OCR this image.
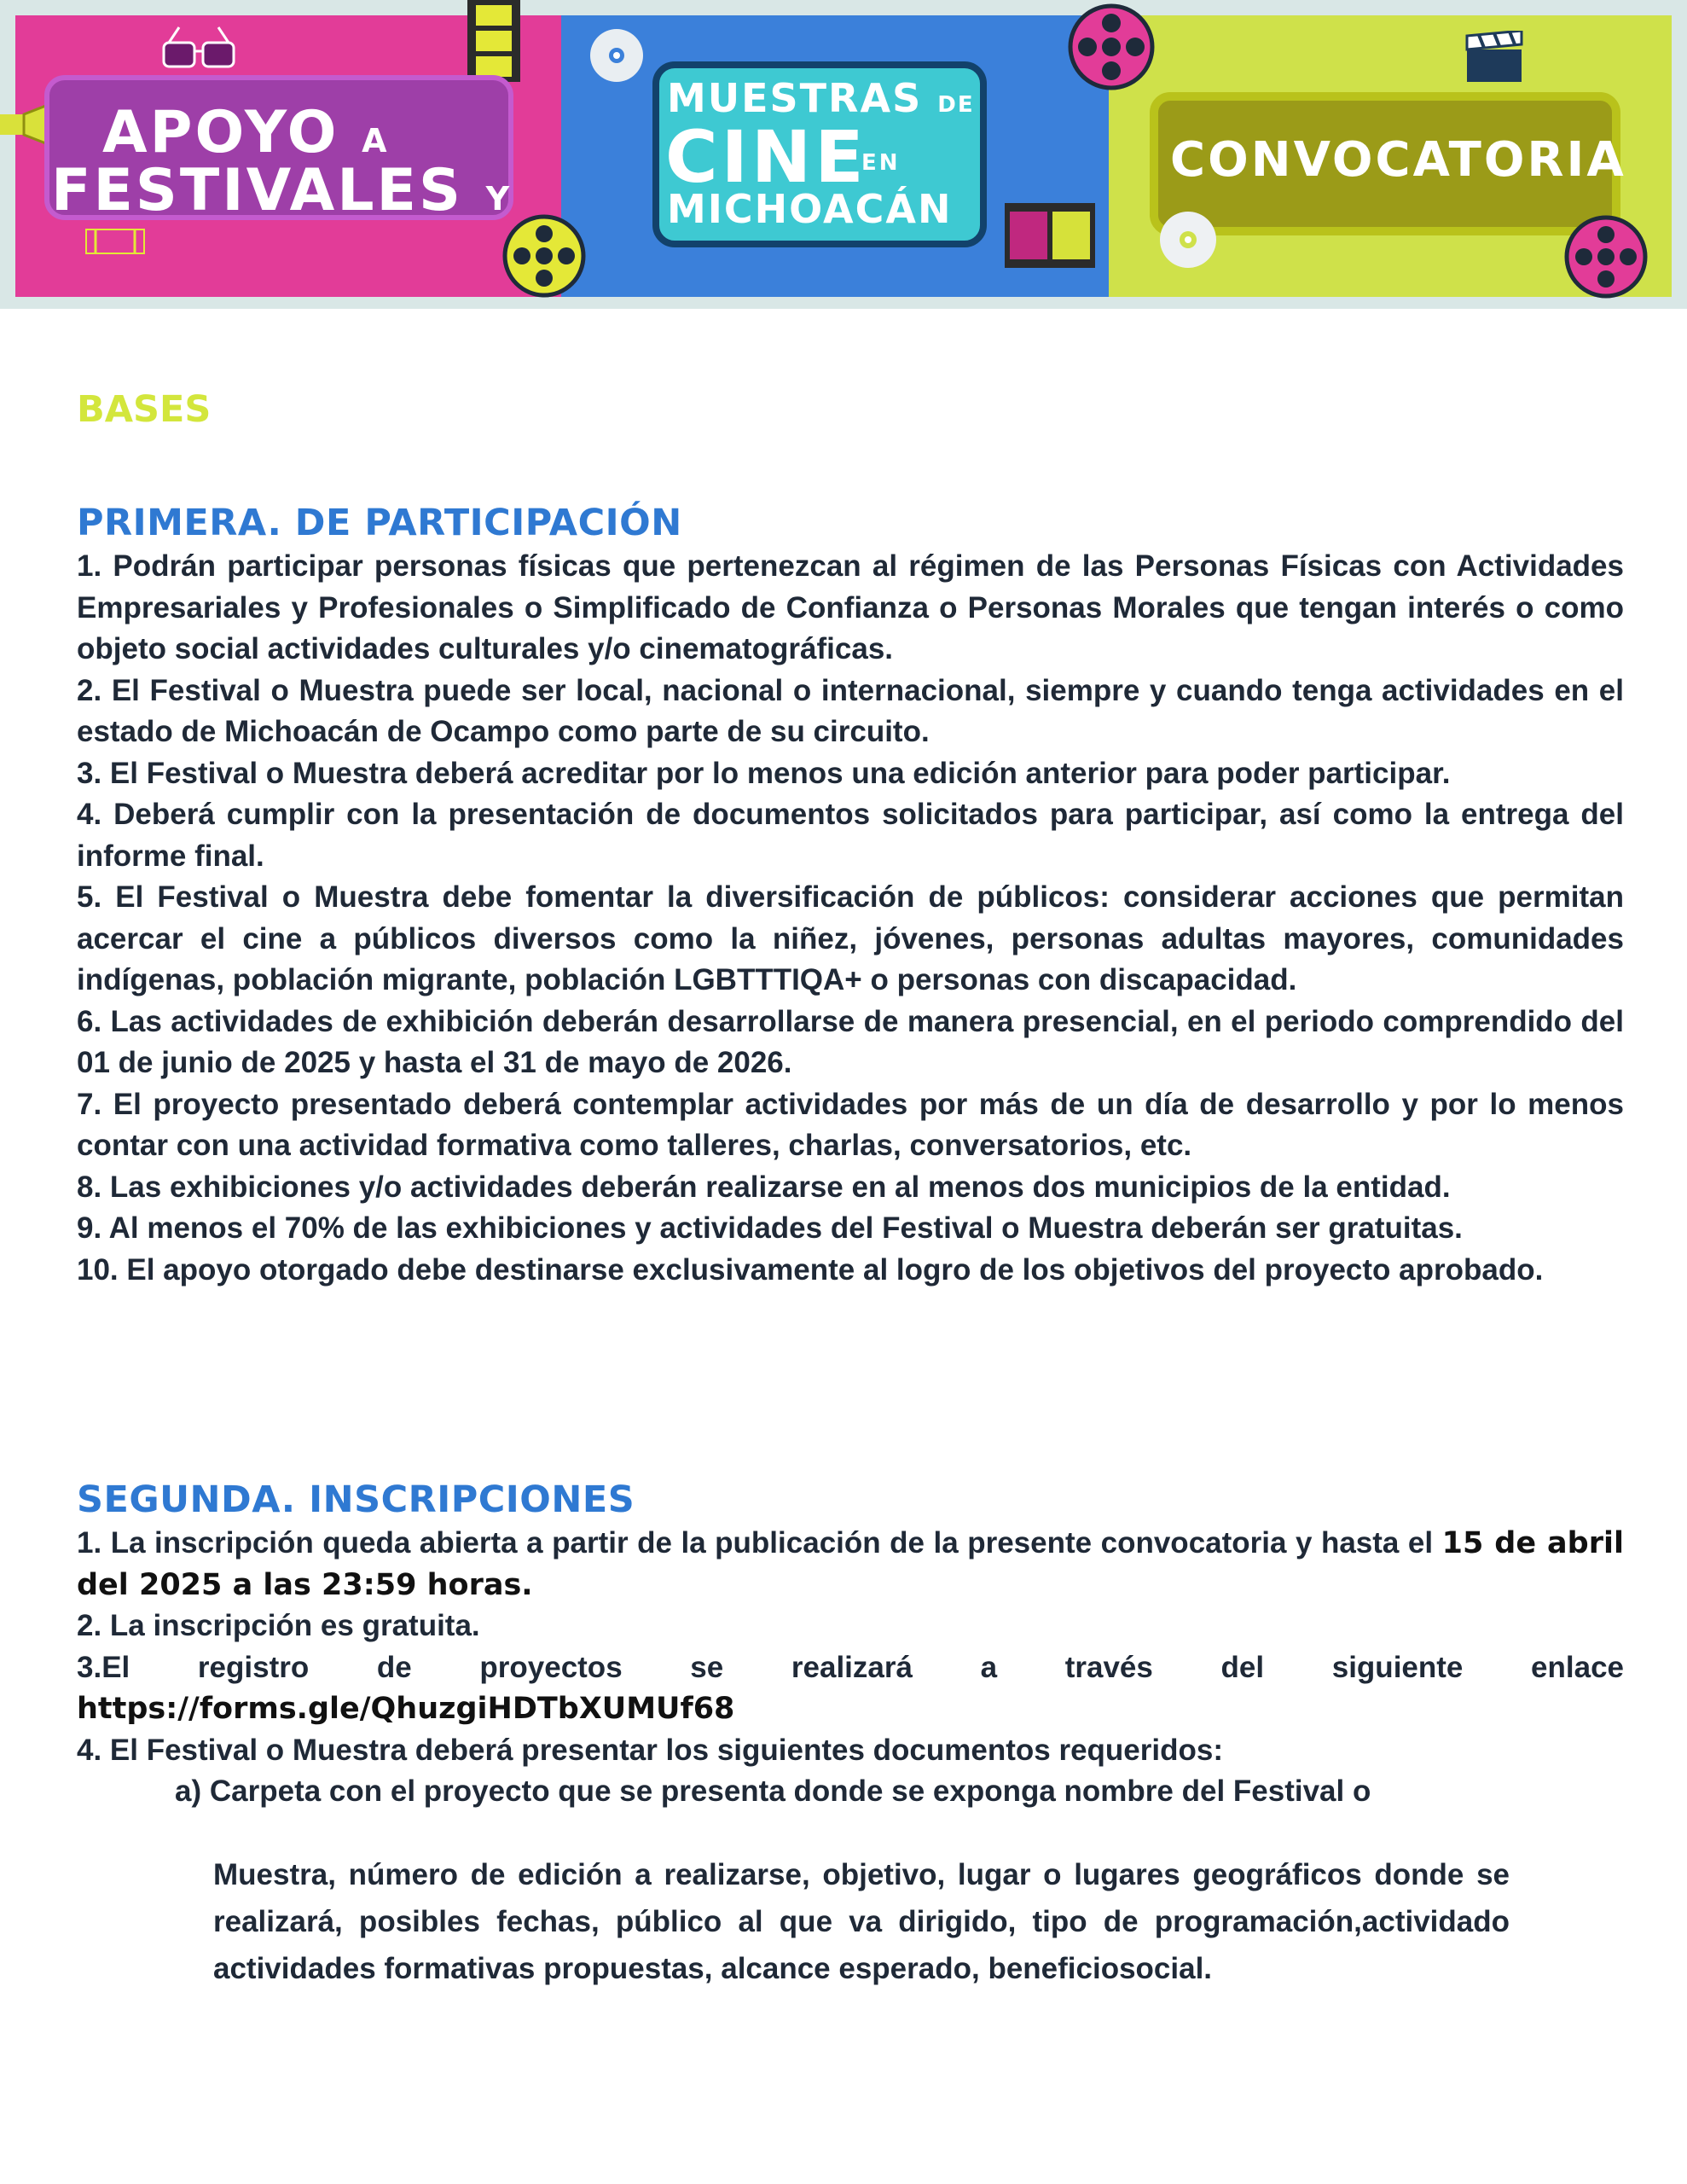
APOYO A
FESTIVALES Y
MUESTRAS DE
CINE
EN
MICHOACÁN
CONVOCATORIA
BASES
PRIMERA. DE PARTICIPACIÓN
1. Podrán participar personas físicas que pertenezcan al régimen de las Personas Físicas con Actividades Empresariales y Profesionales o Simplificado de Confianza o Personas Morales que tengan interés o como objeto social actividades culturales y/o cinematográficas.
2. El Festival o Muestra puede ser local, nacional o internacional, siempre y cuando tenga actividades en el estado de Michoacán de Ocampo como parte de su circuito.
3. El Festival o Muestra deberá acreditar por lo menos una edición anterior para poder participar.
4. Deberá cumplir con la presentación de documentos solicitados para participar, así como la entrega del informe final.
5. El Festival o Muestra debe fomentar la diversificación de públicos: considerar acciones que permitan acercar el cine a públicos diversos como la niñez, jóvenes, personas adultas mayores, comunidades indígenas, población migrante, población LGBTTTIQA+ o personas con discapacidad.
6. Las actividades de exhibición deberán desarrollarse de manera presencial, en el periodo comprendido del 01 de junio de 2025 y hasta el 31 de mayo de 2026.
7. El proyecto presentado deberá contemplar actividades por más de un día de desarrollo y por lo menos contar con una actividad formativa como talleres, charlas, conversatorios, etc.
8. Las exhibiciones y/o actividades deberán realizarse en al menos dos municipios de la entidad.
9. Al menos el 70% de las exhibiciones y actividades del Festival o Muestra deberán ser gratuitas.
10. El apoyo otorgado debe destinarse exclusivamente al logro de los objetivos del proyecto aprobado.
SEGUNDA. INSCRIPCIONES
1. La inscripción queda abierta a partir de la publicación de la presente convocatoria y hasta el 15 de abril del 2025 a las 23:59 horas.
2. La inscripción es gratuita.
3.El registro de proyectos se realizará a través del siguiente enlace https://forms.gle/QhuzgiHDTbXUMUf68
4. El Festival o Muestra deberá presentar los siguientes documentos requeridos:
a) Carpeta con el proyecto que se presenta donde se exponga nombre del Festival o
Muestra, número de edición a realizarse, objetivo, lugar o lugares geográficos donde se realizará, posibles fechas, público al que va dirigido, tipo de programación,actividado actividades formativas propuestas, alcance esperado, beneficiosocial.
